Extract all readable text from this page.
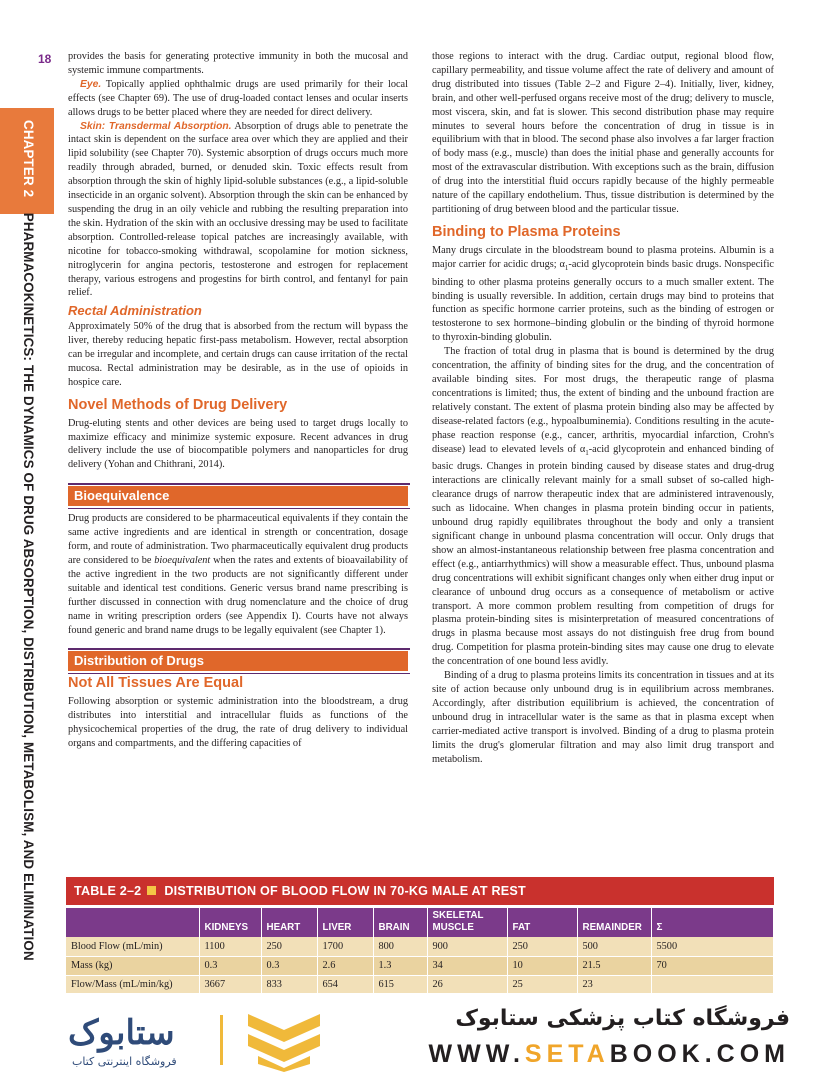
18
CHAPTER 2    PHARMACOKINETICS: THE DYNAMICS OF DRUG ABSORPTION, DISTRIBUTION, METABOLISM, AND ELIMINATION

provides the basis for generating protective immunity in both the mucosal and systemic immune compartments.

Eye. Topically applied ophthalmic drugs are used primarily for their local effects (see Chapter 69). The use of drug-loaded contact lenses and ocular inserts allows drugs to be better placed where they are needed for direct delivery.

Skin: Transdermal Absorption. Absorption of drugs able to penetrate the intact skin is dependent on the surface area over which they are applied and their lipid solubility (see Chapter 70). Systemic absorption of drugs occurs much more readily through abraded, burned, or denuded skin. Toxic effects result from absorption through the skin of highly lipid-soluble substances (e.g., a lipid-soluble insecticide in an organic solvent). Absorption through the skin can be enhanced by suspending the drug in an oily vehicle and rubbing the resulting preparation into the skin. Hydration of the skin with an occlusive dressing may be used to facilitate absorption. Controlled-release topical patches are increasingly available, with nicotine for tobacco-smoking withdrawal, scopolamine for motion sickness, nitroglycerin for angina pectoris, testosterone and estrogen for replacement therapy, various estrogens and progestins for birth control, and fentanyl for pain relief.

Rectal Administration

Approximately 50% of the drug that is absorbed from the rectum will bypass the liver, thereby reducing hepatic first-pass metabolism. However, rectal absorption can be irregular and incomplete, and certain drugs can cause irritation of the rectal mucosa. Rectal administration may be desirable, as in the use of opioids in hospice care.

Novel Methods of Drug Delivery

Drug-eluting stents and other devices are being used to target drugs locally to maximize efficacy and minimize systemic exposure. Recent advances in drug delivery include the use of biocompatible polymers and nanoparticles for drug delivery (Yohan and Chithrani, 2014).

Bioequivalence

Drug products are considered to be pharmaceutical equivalents if they contain the same active ingredients and are identical in strength or concentration, dosage form, and route of administration. Two pharmaceutically equivalent drug products are considered to be bioequivalent when the rates and extents of bioavailability of the active ingredient in the two products are not significantly different under suitable and identical test conditions. Generic versus brand name prescribing is further discussed in connection with drug nomenclature and the choice of drug name in writing prescription orders (see Appendix I). Courts have not always found generic and brand name drugs to be legally equivalent (see Chapter 1).

Distribution of Drugs
Not All Tissues Are Equal

Following absorption or systemic administration into the bloodstream, a drug distributes into interstitial and intracellular fluids as functions of the physicochemical properties of the drug, the rate of drug delivery to individual organs and compartments, and the differing capacities of

those regions to interact with the drug. Cardiac output, regional blood flow, capillary permeability, and tissue volume affect the rate of delivery and amount of drug distributed into tissues (Table 2–2 and Figure 2–4). Initially, liver, kidney, brain, and other well-perfused organs receive most of the drug; delivery to muscle, most viscera, skin, and fat is slower. This second distribution phase may require minutes to several hours before the concentration of drug in tissue is in equilibrium with that in blood. The second phase also involves a far larger fraction of body mass (e.g., muscle) than does the initial phase and generally accounts for most of the extravascular distribution. With exceptions such as the brain, diffusion of drug into the interstitial fluid occurs rapidly because of the highly permeable nature of the capillary endothelium. Thus, tissue distribution is determined by the partitioning of drug between blood and the particular tissue.

Binding to Plasma Proteins

Many drugs circulate in the bloodstream bound to plasma proteins. Albumin is a major carrier for acidic drugs; $\alpha_1$-acid glycoprotein binds basic drugs. Nonspecific binding to other plasma proteins generally occurs to a much smaller extent. The binding is usually reversible. In addition, certain drugs may bind to proteins that function as specific hormone carrier proteins, such as the binding of estrogen or testosterone to sex hormone–binding globulin or the binding of thyroid hormone to thyroxin-binding globulin.

The fraction of total drug in plasma that is bound is determined by the drug concentration, the affinity of binding sites for the drug, and the concentration of available binding sites. For most drugs, the therapeutic range of plasma concentrations is limited; thus, the extent of binding and the unbound fraction are relatively constant. The extent of plasma protein binding also may be affected by disease-related factors (e.g., hypoalbuminemia). Conditions resulting in the acute-phase reaction response (e.g., cancer, arthritis, myocardial infarction, Crohn's disease) lead to elevated levels of $\alpha_1$-acid glycoprotein and enhanced binding of basic drugs. Changes in protein binding caused by disease states and drug-drug interactions are clinically relevant mainly for a small subset of so-called high-clearance drugs of narrow therapeutic index that are administered intravenously, such as lidocaine. When changes in plasma protein binding occur in patients, unbound drug rapidly equilibrates throughout the body and only a transient significant change in unbound plasma concentration will occur. Only drugs that show an almost-instantaneous relationship between free plasma concentration and effect (e.g., antiarrhythmics) will show a measurable effect. Thus, unbound plasma drug concentrations will exhibit significant changes only when either drug input or clearance of unbound drug occurs as a consequence of metabolism or active transport. A more common problem resulting from competition of drugs for plasma protein-binding sites is misinterpretation of measured concentrations of drugs in plasma because most assays do not distinguish free drug from bound drug. Competition for plasma protein-binding sites may cause one drug to elevate the concentration of one bound less avidly.

Binding of a drug to plasma proteins limits its concentration in tissues and at its site of action because only unbound drug is in equilibrium across membranes. Accordingly, after distribution equilibrium is achieved, the concentration of unbound drug in intracellular water is the same as that in plasma except when carrier-mediated active transport is involved. Binding of a drug to plasma protein limits the drug's glomerular filtration and may also limit drug transport and metabolism.

TABLE 2–2 DISTRIBUTION OF BLOOD FLOW IN 70-KG MALE AT REST
	KIDNEYS	HEART	LIVER	BRAIN	SKELETAL MUSCLE	FAT	REMAINDER	Σ
Blood Flow (mL/min)	1100	250	1700	800	900	250	500	5500
Mass (kg)	0.3	0.3	2.6	1.3	34	10	21.5	70
Flow/Mass (mL/min/kg)	3667	833	654	615	26	25	23	
ستابوک
فروشگاه اینترنتی کتاب
فروشگاه کتاب پزشکی ستابوک
WWW.SETABOOK.COM
